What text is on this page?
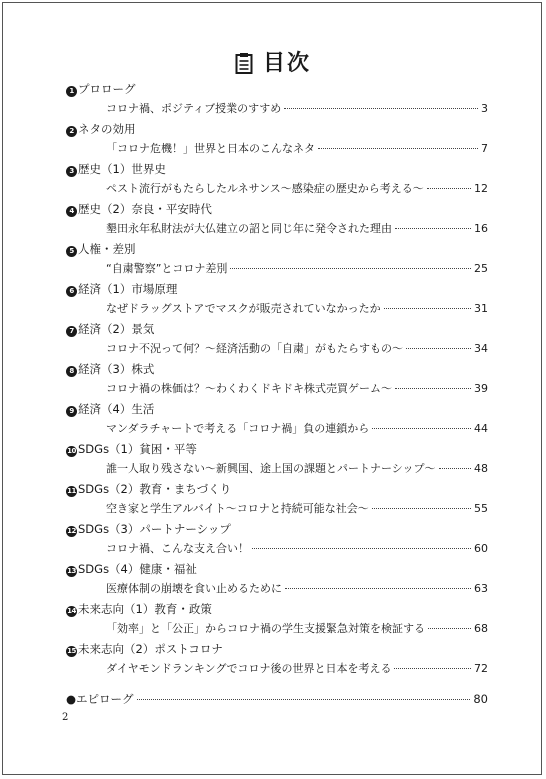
目次
1 プロローグ
コロナ禍、ポジティブ授業のすすめ	3
2 ネタの効用
「コロナ危機！」世界と日本のこんなネタ	7
3 歴史（1）世界史
ペスト流行がもたらしたルネサンス～感染症の歴史から考える～	12
4 歴史（2）奈良・平安時代
墾田永年私財法が大仏建立の詔と同じ年に発令された理由	16
5 人権・差別
“自粛警察”とコロナ差別	25
6 経済（1）市場原理
なぜドラッグストアでマスクが販売されていなかったか	31
7 経済（2）景気
コロナ不況って何？～経済活動の「自粛」がもたらすもの～	34
8 経済（3）株式
コロナ禍の株価は？～わくわくドキドキ株式売買ゲーム～	39
9 経済（4）生活
マンダラチャートで考える「コロナ禍」負の連鎖から	44
10 SDGs（1）貧困・平等
誰一人取り残さない～新興国、途上国の課題とパートナーシップ～	48
11 SDGs（2）教育・まちづくり
空き家と学生アルバイト～コロナと持続可能な社会～	55
12 SDGs（3）パートナーシップ
コロナ禍、こんな支え合い！	60
13 SDGs（4）健康・福祉
医療体制の崩壊を食い止めるために	63
14 未来志向（1）教育・政策
「効率」と「公正」からコロナ禍の学生支援緊急対策を検証する	68
15 未来志向（2）ポストコロナ
ダイヤモンドランキングでコロナ後の世界と日本を考える	72
● エピローグ	80
2
